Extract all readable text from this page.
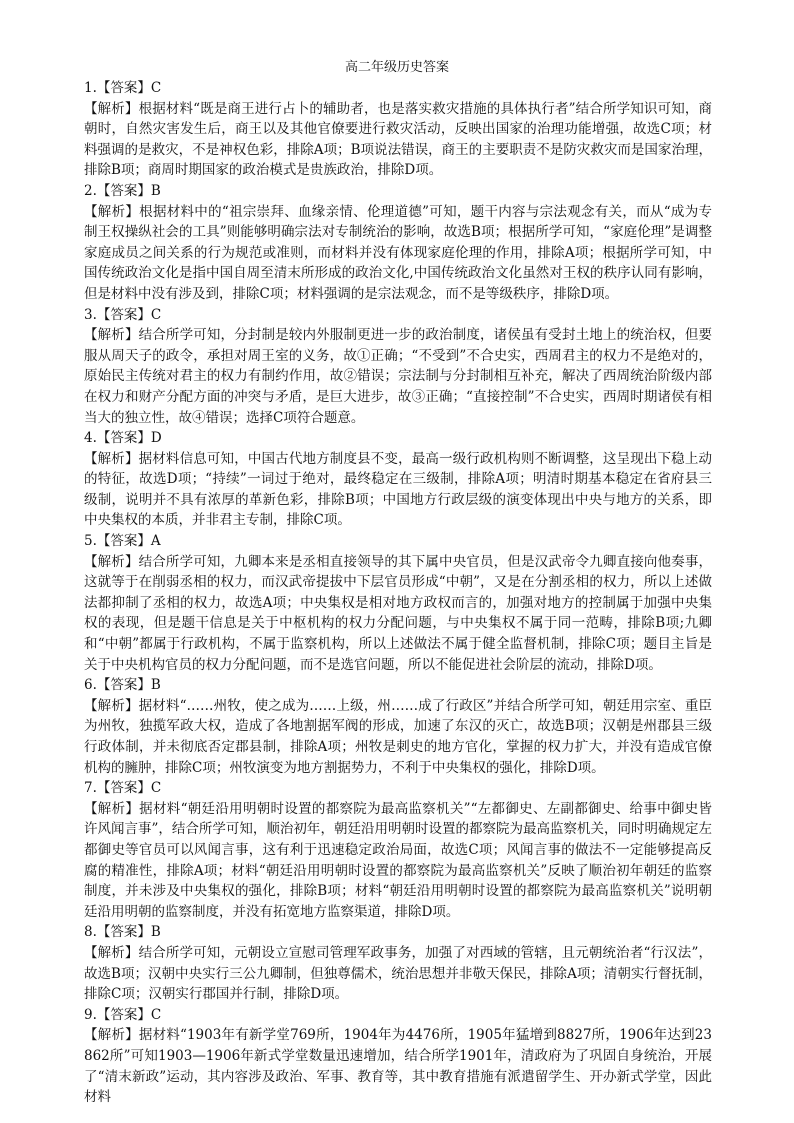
高二年级历史答案
1.【答案】C
【解析】根据材料“既是商王进行占卜的辅助者，也是落实救灾措施的具体执行者”结合所学知识可知，商朝时，自然灾害发生后，商王以及其他官僚要进行救灾活动，反映出国家的治理功能增强，故选C项；材料强调的是救灾，不是神权色彩，排除A项；B项说法错误，商王的主要职责不是防灾救灾而是国家治理，排除B项；商周时期国家的政治模式是贵族政治，排除D项。
2.【答案】B
【解析】根据材料中的“祖宗崇拜、血缘亲情、伦理道德”可知，题干内容与宗法观念有关，而从“成为专制王权操纵社会的工具”则能够明确宗法对专制统治的影响，故选B项；根据所学可知，“家庭伦理”是调整家庭成员之间关系的行为规范或准则，而材料并没有体现家庭伦理的作用，排除A项；根据所学可知，中国传统政治文化是指中国自周至清末所形成的政治文化,中国传统政治文化虽然对王权的秩序认同有影响，但是材料中没有涉及到，排除C项；材料强调的是宗法观念，而不是等级秩序，排除D项。
3.【答案】C
【解析】结合所学可知，分封制是较内外服制更进一步的政治制度，诸侯虽有受封土地上的统治权，但要服从周天子的政令，承担对周王室的义务，故①正确；“不受到”不合史实，西周君主的权力不是绝对的，原始民主传统对君主的权力有制约作用，故②错误；宗法制与分封制相互补充，解决了西周统治阶级内部在权力和财产分配方面的冲突与矛盾，是巨大进步，故③正确；“直接控制”不合史实，西周时期诸侯有相当大的独立性，故④错误；选择C项符合题意。
4.【答案】D
【解析】据材料信息可知，中国古代地方制度县不变，最高一级行政机构则不断调整，这呈现出下稳上动的特征，故选D项；“持续”一词过于绝对，最终稳定在三级制，排除A项；明清时期基本稳定在省府县三级制，说明并不具有浓厚的革新色彩，排除B项；中国地方行政层级的演变体现出中央与地方的关系，即中央集权的本质，并非君主专制，排除C项。
5.【答案】A
【解析】结合所学可知，九卿本来是丞相直接领导的其下属中央官员，但是汉武帝令九卿直接向他奏事，这就等于在削弱丞相的权力，而汉武帝提拔中下层官员形成“中朝”，又是在分割丞相的权力，所以上述做法都抑制了丞相的权力，故选A项；中央集权是相对地方政权而言的，加强对地方的控制属于加强中央集权的表现，但是题干信息是关于中枢机构的权力分配问题，与中央集权不属于同一范畴，排除B项;九卿和“中朝”都属于行政机构，不属于监察机构，所以上述做法不属于健全监督机制，排除C项；题目主旨是关于中央机构官员的权力分配问题，而不是选官问题，所以不能促进社会阶层的流动，排除D项。
6.【答案】B
【解析】据材料“……州牧，使之成为……上级，州……成了行政区”并结合所学可知，朝廷用宗室、重臣为州牧，独揽军政大权，造成了各地割据军阀的形成，加速了东汉的灭亡，故选B项；汉朝是州郡县三级行政体制，并未彻底否定郡县制，排除A项；州牧是刺史的地方官化，掌握的权力扩大，并没有造成官僚机构的臃肿，排除C项；州牧演变为地方割据势力，不利于中央集权的强化，排除D项。
7.【答案】C
【解析】据材料“朝廷沿用明朝时设置的都察院为最高监察机关”“左都御史、左副都御史、给事中御史皆许风闻言事”，结合所学可知，顺治初年，朝廷沿用明朝时设置的都察院为最高监察机关，同时明确规定左都御史等官员可以风闻言事，这有利于迅速稳定政治局面，故选C项；风闻言事的做法不一定能够提高反腐的精准性，排除A项；材料“朝廷沿用明朝时设置的都察院为最高监察机关”反映了顺治初年朝廷的监察制度，并未涉及中央集权的强化，排除B项；材料“朝廷沿用明朝时设置的都察院为最高监察机关”说明朝廷沿用明朝的监察制度，并没有拓宽地方监察渠道，排除D项。
8.【答案】B
【解析】结合所学可知，元朝设立宣慰司管理军政事务，加强了对西域的管辖，且元朝统治者“行汉法”，故选B项；汉朝中央实行三公九卿制，但独尊儒术，统治思想并非敬天保民，排除A项；清朝实行督抚制，排除C项；汉朝实行郡国并行制，排除D项。
9.【答案】C
【解析】据材料“1903年有新学堂769所，1904年为4476所，1905年猛增到8827所，1906年达到23862所”可知1903—1906年新式学堂数量迅速增加，结合所学1901年，清政府为了巩固自身统治，开展了“清末新政”运动，其内容涉及政治、军事、教育等，其中教育措施有派遣留学生、开办新式学堂，因此材料
